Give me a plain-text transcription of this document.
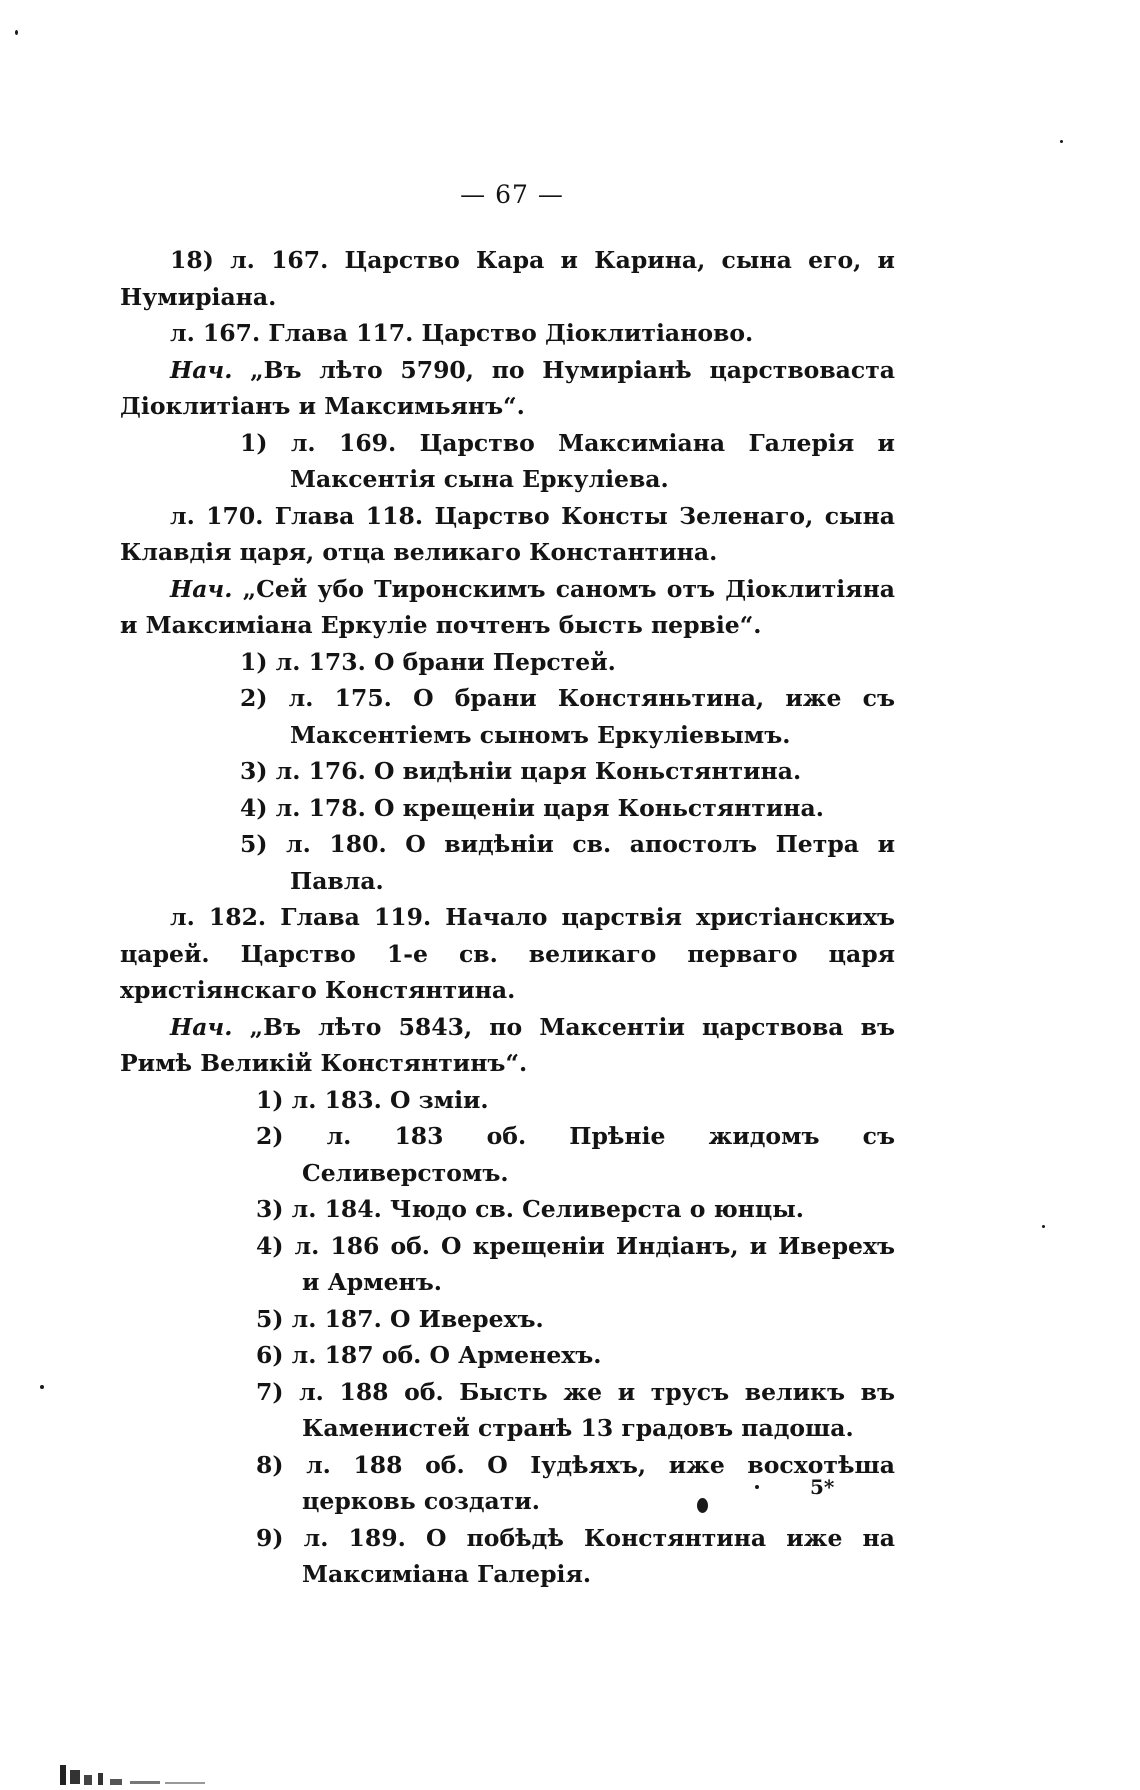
— 67 —

18) л. 167. Царство Кара и Карина, сына его, и Нумиріана.

л. 167. Глава 117. Царство Діоклитіаново.

Нач. „Въ лѣто 5790, по Нумиріанѣ царствоваста Діоклитіанъ и Максимьянъ“.

1) л. 169. Царство Максиміана Галерія и Максентія сына Еркуліева.

л. 170. Глава 118. Царство Консты Зеленаго, сына Клавдія царя, отца великаго Константина.

Нач. „Сей убо Тиронскимъ саномъ отъ Діоклитіяна и Максиміана Еркуліе почтенъ бысть первіе“.

1) л. 173. О брани Перстей.

2) л. 175. О брани Констяньтина, иже съ Максентіемъ сыномъ Еркуліевымъ.

3) л. 176. О видѣніи царя Коньстянтина.

4) л. 178. О крещеніи царя Коньстянтина.

5) л. 180. О видѣніи св. апостолъ Петра и Павла.

л. 182. Глава 119. Начало царствія христіанскихъ царей. Царство 1-е св. великаго перваго царя христіянскаго Констянтина.

Нач. „Въ лѣто 5843, по Максентіи царствова въ Римѣ Великій Констянтинъ“.

1) л. 183. О зміи.

2) л. 183 об. Прѣніе жидомъ съ Селиверстомъ.

3) л. 184. Чюдо св. Селиверста о юнцы.

4) л. 186 об. О крещеніи Индіанъ, и Иверехъ и Арменъ.

5) л. 187. О Иверехъ.

6) л. 187 об. О Арменехъ.

7) л. 188 об. Бысть же и трусъ великъ въ Каменистей странѣ 13 градовъ падоша.

8) л. 188 об. О Іудѣяхъ, иже восхотѣша церковь создати.

9) л. 189. О побѣдѣ Констянтина иже на Максиміана Галерія.

5*
